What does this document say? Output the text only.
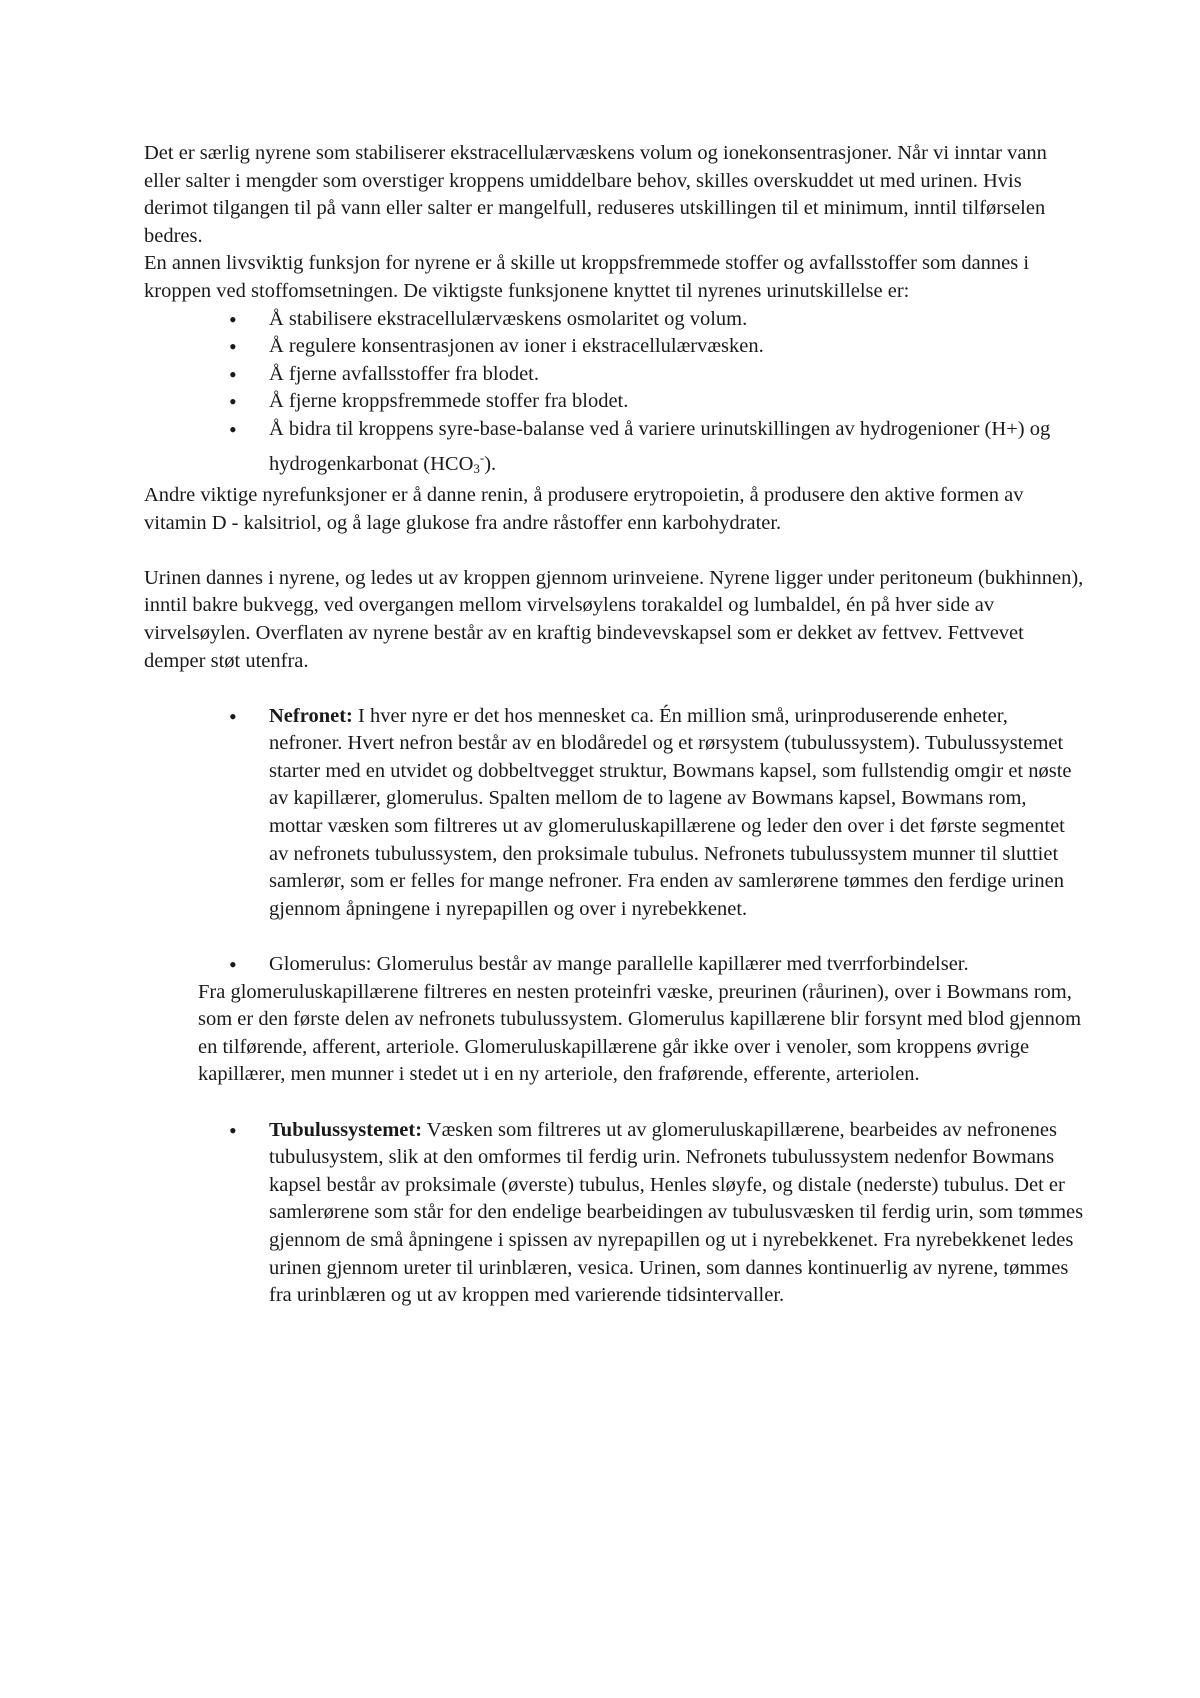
Det er særlig nyrene som stabiliserer ekstracellulærvæskens volum og ionekonsentrasjoner. Når vi inntar vann eller salter i mengder som overstiger kroppens umiddelbare behov, skilles overskuddet ut med urinen. Hvis derimot tilgangen til på vann eller salter er mangelfull, reduseres utskillingen til et minimum, inntil tilførselen bedres.

En annen livsviktig funksjon for nyrene er å skille ut kroppsfremmede stoffer og avfallsstoffer som dannes i kroppen ved stoffomsetningen. De viktigste funksjonene knyttet til nyrenes urinutskillelse er:

• Å stabilisere ekstracellulærvæskens osmolaritet og volum.
• Å regulere konsentrasjonen av ioner i ekstracellulærvæsken.
• Å fjerne avfallsstoffer fra blodet.
• Å fjerne kroppsfremmede stoffer fra blodet.
• Å bidra til kroppens syre-base-balanse ved å variere urinutskillingen av hydrogenioner (H+) og hydrogenkarbonat $(HCO_3^-)$.

Andre viktige nyrefunksjoner er å danne renin, å produsere erytropoietin, å produsere den aktive formen av vitamin D - kalsitriol, og å lage glukose fra andre råstoffer enn karbohydrater.

Urinen dannes i nyrene, og ledes ut av kroppen gjennom urinveiene. Nyrene ligger under peritoneum (bukhinnen), inntil bakre bukvegg, ved overgangen mellom virvelsøylens torakaldel og lumbaldel, én på hver side av virvelsøylen. Overflaten av nyrene består av en kraftig bindevevskapsel som er dekket av fettvev. Fettvevet demper støt utenfra.

• Nefronet: I hver nyre er det hos mennesket ca. Én million små, urinproduserende enheter, nefroner. Hvert nefron består av en blodåredel og et rørsystem (tubulussystem). Tubulussystemet starter med en utvidet og dobbeltvegget struktur, Bowmans kapsel, som fullstendig omgir et nøste av kapillærer, glomerulus. Spalten mellom de to lagene av Bowmans kapsel, Bowmans rom, mottar væsken som filtreres ut av glomeruluskapillærene og leder den over i det første segmentet av nefronets tubulussystem, den proksimale tubulus. Nefronets tubulussystem munner til sluttiet samlerør, som er felles for mange nefroner. Fra enden av samlerørene tømmes den ferdige urinen gjennom åpningene i nyrepapillen og over i nyrebekkenet.
• Glomerulus: Glomerulus består av mange parallelle kapillærer med tverrforbindelser.

Fra glomeruluskapillærene filtreres en nesten proteinfri væske, preurinen (råurinen), over i Bowmans rom, som er den første delen av nefronets tubulussystem. Glomerulus kapillærene blir forsynt med blod gjennom en tilførende, afferent, arteriole. Glomeruluskapillærene går ikke over i venoler, som kroppens øvrige kapillærer, men munner i stedet ut i en ny arteriole, den fraførende, efferente, arteriolen.

• Tubulussystemet: Væsken som filtreres ut av glomeruluskapillærene, bearbeides av nefronenes tubulusystem, slik at den omformes til ferdig urin. Nefronets tubulussystem nedenfor Bowmans kapsel består av proksimale (øverste) tubulus, Henles sløyfe, og distale (nederste) tubulus. Det er samlerørene som står for den endelige bearbeidingen av tubulusvæsken til ferdig urin, som tømmes gjennom de små åpningene i spissen av nyrepapillen og ut i nyrebekkenet. Fra nyrebekkenet ledes urinen gjennom ureter til urinblæren, vesica. Urinen, som dannes kontinuerlig av nyrene, tømmes fra urinblæren og ut av kroppen med varierende tidsintervaller.
